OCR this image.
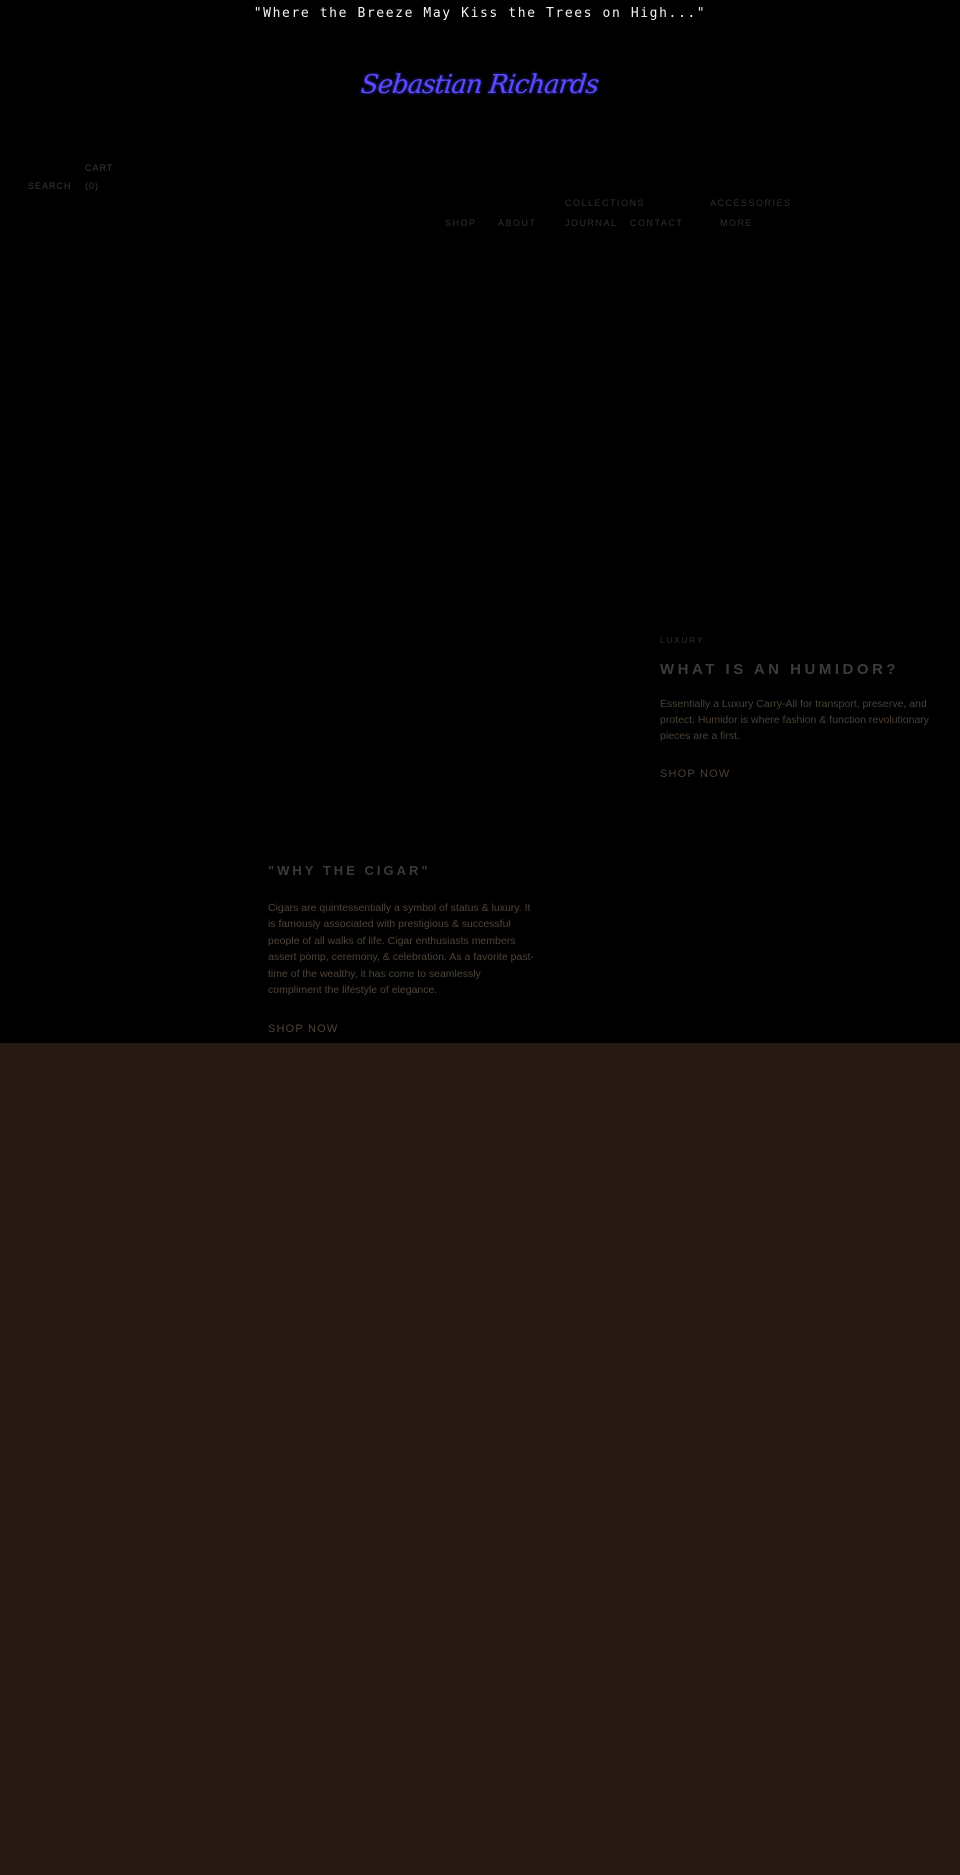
"Where the Breeze May Kiss the Trees on High..."
Sebastian Richards
CART
SEARCH (0)
SHOP ABOUT	JOURNAL CONTACT	MORE
COLLECTIONS	ACCESSORIES
LUXURY
WHAT IS AN HUMIDOR?

Essentially a Luxury Carry-All for transport, preserve, and protect. Humidor is where fashion & function revolutionary pieces are a first.

SHOP NOW
"WHY THE CIGAR"

Cigars are quintessentially a symbol of status & luxury. It is famously associated with prestigious & successful people of all walks of life. Cigar enthusiasts members assert pomp, ceremony, & celebration. As a favorite past-time of the wealthy, it has come to seamlessly compliment the lifestyle of elegance.

SHOP NOW
